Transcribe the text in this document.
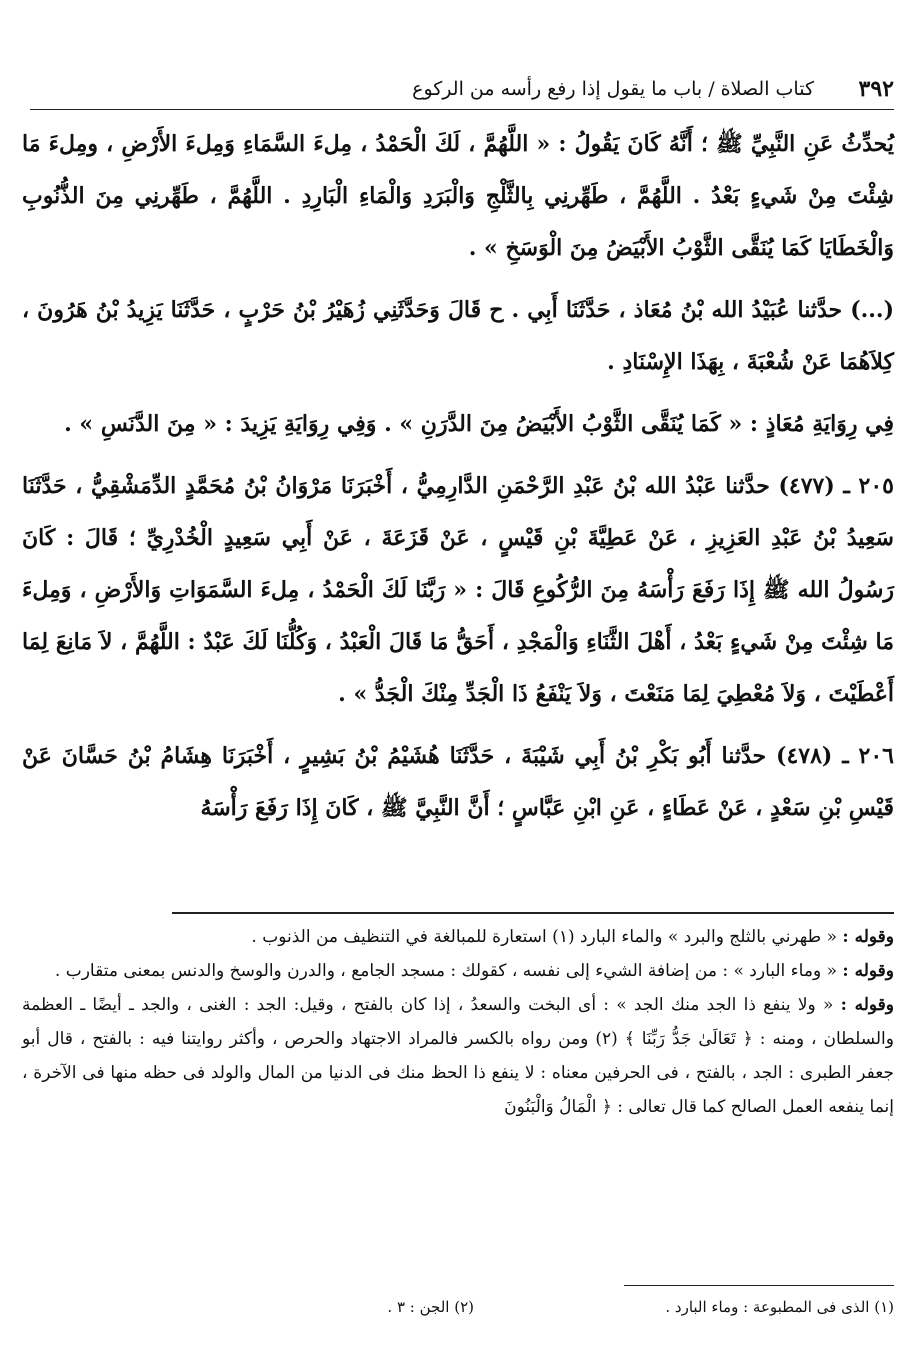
٣٩٢
كتاب الصلاة / باب ما يقول إذا رفع رأسه من الركوع

يُحدِّثُ عَنِ النَّبِيِّ ﷺ ؛ أَنَّهُ كَانَ يَقُولُ : « اللَّهُمَّ ، لَكَ الْحَمْدُ ، مِلءَ السَّمَاءِ وَمِلءَ الأَرْضِ ، ومِلءَ مَا شِئْتَ مِنْ شَيءٍ بَعْدُ . اللَّهُمَّ ، طَهِّرنِي بِالثَّلْجِ وَالْبَرَدِ وَالْمَاءِ الْبَارِدِ . اللَّهُمَّ ، طَهِّرنِي مِنَ الذُّنُوبِ وَالْخَطَايَا كَمَا يُنَقَّى الثَّوْبُ الأَبْيَضُ مِنَ الْوَسَخِ » .

(...) حدَّثنا عُبَيْدُ الله بْنُ مُعَاذ ، حَدَّثَنَا أَبِي . ح قَالَ وَحَدَّثَنِي زُهَيْرُ بْنُ حَرْبٍ ، حَدَّثَنَا يَزِيدُ بْنُ هَرُونَ ، كِلاَهُمَا عَنْ شُعْبَةَ ، بِهَذَا الإِسْنَادِ .

فِي رِوَايَةِ مُعَاذٍ : « كَمَا يُنَقَّى الثَّوْبُ الأَبْيَضُ مِنَ الدَّرَنِ » . وَفِي رِوَايَةِ يَزِيدَ : « مِنَ الدَّنَسِ » .

٢٠٥ ـ (٤٧٧) حدَّثنا عَبْدُ الله بْنُ عَبْدِ الرَّحْمَنِ الدَّارِمِيُّ ، أَخْبَرَنَا مَرْوَانُ بْنُ مُحَمَّدٍ الدِّمَشْقِيُّ ، حَدَّثَنَا سَعِيدُ بْنُ عَبْدِ العَزِيزِ ، عَنْ عَطِيَّةَ بْنِ قَيْسٍ ، عَنْ قَزَعَةَ ، عَنْ أَبِي سَعِيدٍ الْخُدْرِيِّ ؛ قَالَ : كَانَ رَسُولُ الله ﷺ إِذَا رَفَعَ رَأْسَهُ مِنَ الرُّكُوعِ قَالَ : « رَبَّنَا لَكَ الْحَمْدُ ، مِلءَ السَّمَوَاتِ وَالأَرْضِ ، وَمِلءَ مَا شِئْتَ مِنْ شَيءٍ بَعْدُ ، أَهْلَ الثَّنَاءِ وَالْمَجْدِ ، أَحَقُّ مَا قَالَ الْعَبْدُ ، وَكُلُّنَا لَكَ عَبْدٌ : اللَّهُمَّ ، لاَ مَانِعَ لِمَا أَعْطَيْتَ ، وَلاَ مُعْطِيَ لِمَا مَنَعْتَ ، وَلاَ يَنْفَعُ ذَا الْجَدِّ مِنْكَ الْجَدُّ » .

٢٠٦ ـ (٤٧٨) حدَّثنا أَبُو بَكْرِ بْنُ أَبِي شَيْبَةَ ، حَدَّثَنَا هُشَيْمُ بْنُ بَشِيرٍ ، أَخْبَرَنَا هِشَامُ بْنُ حَسَّانَ عَنْ قَيْسِ بْنِ سَعْدٍ ، عَنْ عَطَاءٍ ، عَنِ ابْنِ عَبَّاسٍ ؛ أَنَّ النَّبِيَّ ﷺ ، كَانَ إِذَا رَفَعَ رَأْسَهُ

وقوله : « طهرني بالثلج والبرد » والماء البارد (١) استعارة للمبالغة في التنظيف من الذنوب .

وقوله : « وماء البارد » : من إضافة الشيء إلى نفسه ، كقولك : مسجد الجامع ، والدرن والوسخ والدنس بمعنى متقارب .

وقوله : « ولا ينفع ذا الجد منك الجد » : أى البخت والسعدُ ، إذا كان بالفتح ، وقيل: الجد : الغنى ، والجد ـ أيضًا ـ العظمة والسلطان ، ومنه : ﴿ تَعَالَىٰ جَدُّ رَبِّنَا ﴾ (٢) ومن رواه بالكسر فالمراد الاجتهاد والحرص ، وأكثر روايتنا فيه : بالفتح ، قال أبو جعفر الطبرى : الجد ، بالفتح ، فى الحرفين معناه : لا ينفع ذا الحظ منك فى الدنيا من المال والولد فى حظه منها فى الآخرة ، إنما ينفعه العمل الصالح كما قال تعالى : ﴿ الْمَالُ وَالْبَنُونَ

(١) الذى فى المطبوعة : وماء البارد .
(٢) الجن : ٣ .
